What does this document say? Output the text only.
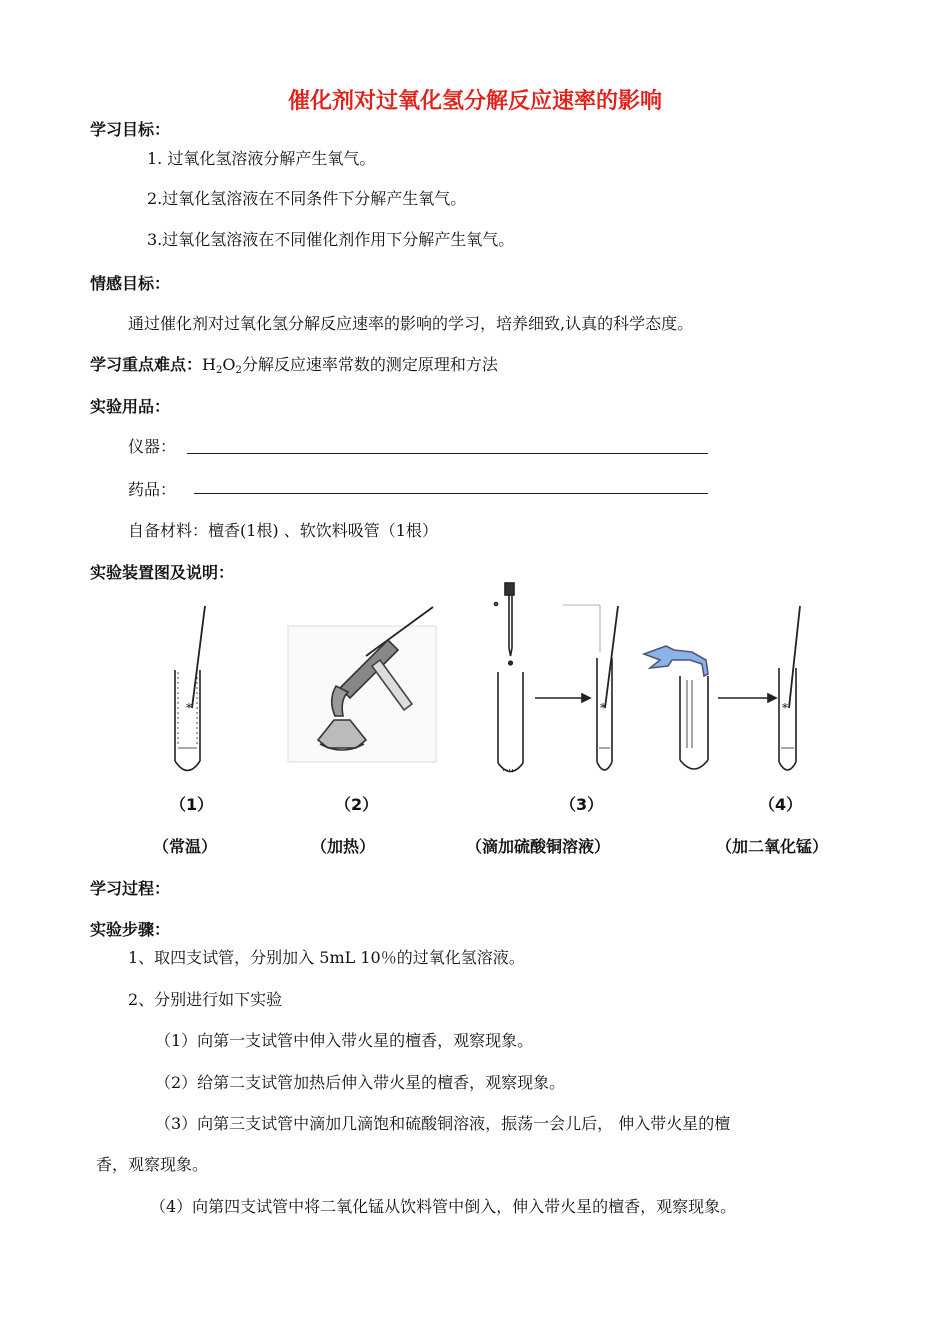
催化剂对过氧化氢分解反应速率的影响
学习目标：
1. 过氧化氢溶液分解产生氧气。
2.过氧化氢溶液在不同条件下分解产生氧气。
3.过氧化氢溶液在不同催化剂作用下分解产生氧气。
情感目标：
通过催化剂对过氧化氢分解反应速率的影响的学习，培养细致,认真的科学态度。
学习重点难点：$H_2O_2$分解反应速率常数的测定原理和方法
实验用品：
仪器：
药品：
自备材料：檀香(1根) 、软饮料吸管（1根）
实验装置图及说明：
*	*	*
（1）	（2）	（3）	（4）
（常温）	（加热）	（滴加硫酸铜溶液）	（加二氧化锰）
学习过程：
实验步骤：
1、取四支试管，分别加入 5mL 10％的过氧化氢溶液。
2、分别进行如下实验
（1）向第一支试管中伸入带火星的檀香，观察现象。
（2）给第二支试管加热后伸入带火星的檀香，观察现象。
（3）向第三支试管中滴加几滴饱和硫酸铜溶液，振荡一会儿后， 伸入带火星的檀
香，观察现象。
（4）向第四支试管中将二氧化锰从饮料管中倒入，伸入带火星的檀香，观察现象。
